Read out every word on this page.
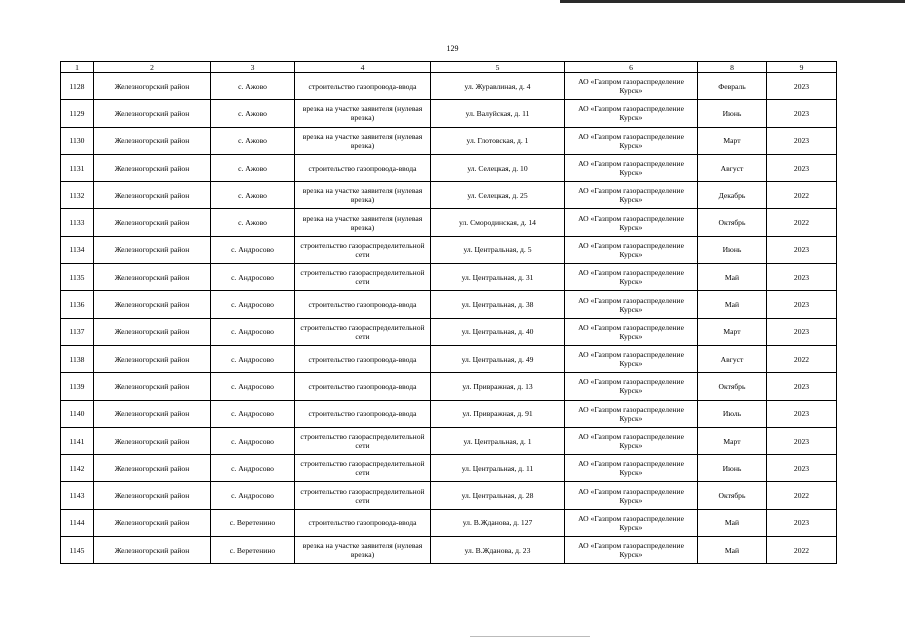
129
1	2	3	4	5	6	8	9
1128	Железногорский район	с. Ажово	строительство газопровода-ввода	ул. Журавлиная, д. 4	АО «Газпром газораспределение Курск»	Февраль	2023
1129	Железногорский район	с. Ажово	врезка на участке заявителя (нулевая врезка)	ул. Валуйская, д. 11	АО «Газпром газораспределение Курск»	Июнь	2023
1130	Железногорский район	с. Ажово	врезка на участке заявителя (нулевая врезка)	ул. Глотовская, д. 1	АО «Газпром газораспределение Курск»	Март	2023
1131	Железногорский район	с. Ажово	строительство газопровода-ввода	ул. Селецкая, д. 10	АО «Газпром газораспределение Курск»	Август	2023
1132	Железногорский район	с. Ажово	врезка на участке заявителя (нулевая врезка)	ул. Селецкая, д. 25	АО «Газпром газораспределение Курск»	Декабрь	2022
1133	Железногорский район	с. Ажово	врезка на участке заявителя (нулевая врезка)	ул. Смородинская, д. 14	АО «Газпром газораспределение Курск»	Октябрь	2022
1134	Железногорский район	с. Андросово	строительство газораспределительной сети	ул. Центральная, д. 5	АО «Газпром газораспределение Курск»	Июнь	2023
1135	Железногорский район	с. Андросово	строительство газораспределительной сети	ул. Центральная, д. 31	АО «Газпром газораспределение Курск»	Май	2023
1136	Железногорский район	с. Андросово	строительство газопровода-ввода	ул. Центральная, д. 38	АО «Газпром газораспределение Курск»	Май	2023
1137	Железногорский район	с. Андросово	строительство газораспределительной сети	ул. Центральная, д. 40	АО «Газпром газораспределение Курск»	Март	2023
1138	Железногорский район	с. Андросово	строительство газопровода-ввода	ул. Центральная, д. 49	АО «Газпром газораспределение Курск»	Август	2022
1139	Железногорский район	с. Андросово	строительство газопровода-ввода	ул. Привражная, д. 13	АО «Газпром газораспределение Курск»	Октябрь	2023
1140	Железногорский район	с. Андросово	строительство газопровода-ввода	ул. Привражная, д. 91	АО «Газпром газораспределение Курск»	Июль	2023
1141	Железногорский район	с. Андросово	строительство газораспределительной сети	ул. Центральная, д. 1	АО «Газпром газораспределение Курск»	Март	2023
1142	Железногорский район	с. Андросово	строительство газораспределительной сети	ул. Центральная, д. 11	АО «Газпром газораспределение Курск»	Июнь	2023
1143	Железногорский район	с. Андросово	строительство газораспределительной сети	ул. Центральная, д. 28	АО «Газпром газораспределение Курск»	Октябрь	2022
1144	Железногорский район	с. Веретенино	строительство газопровода-ввода	ул. В.Жданова, д. 127	АО «Газпром газораспределение Курск»	Май	2023
1145	Железногорский район	с. Веретенино	врезка на участке заявителя (нулевая врезка)	ул. В.Жданова, д. 23	АО «Газпром газораспределение Курск»	Май	2022
